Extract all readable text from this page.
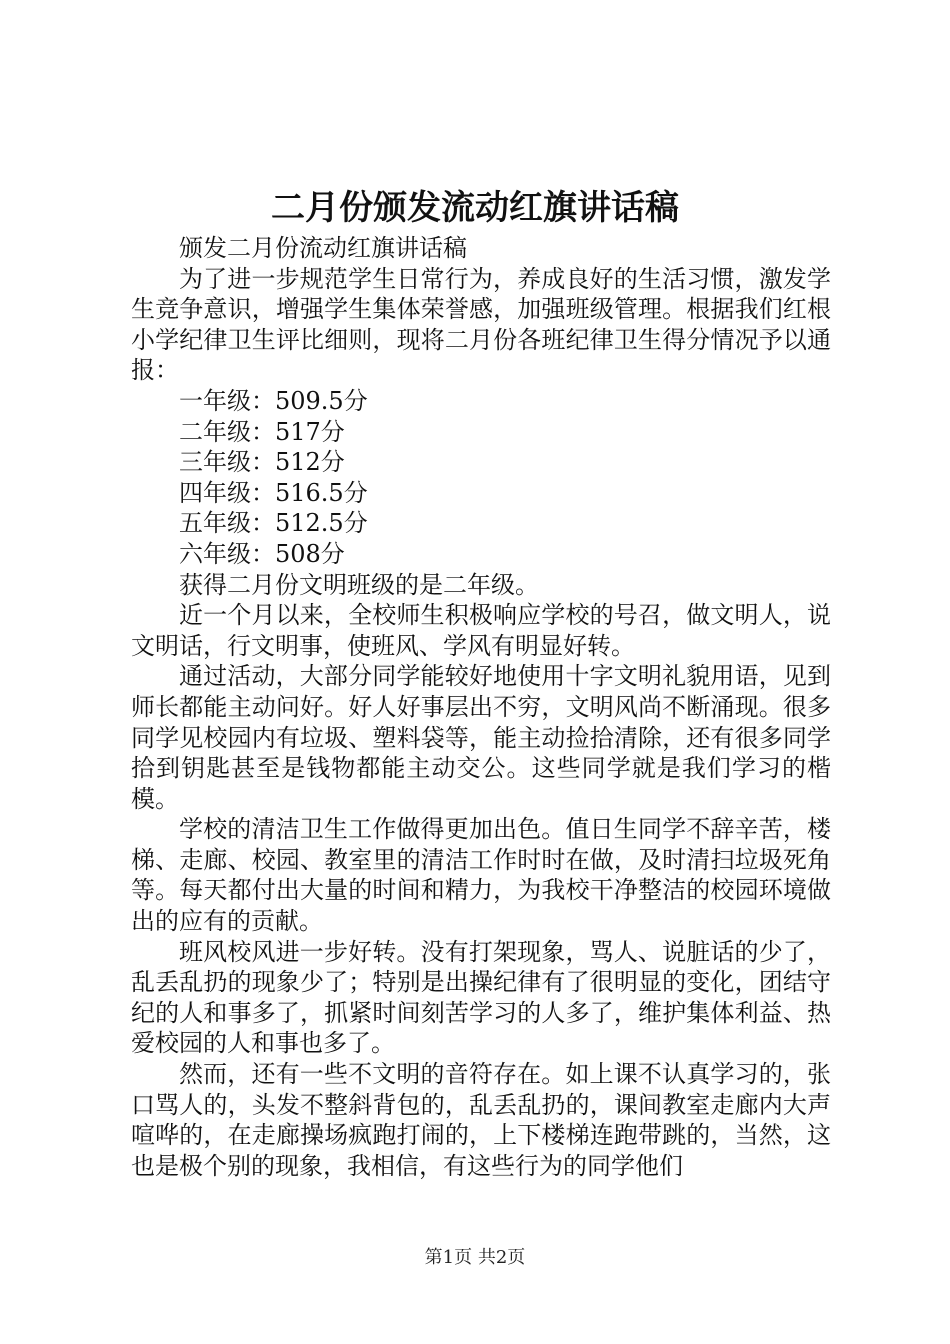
二月份颁发流动红旗讲话稿

颁发二月份流动红旗讲话稿

为了进一步规范学生日常行为，养成良好的生活习惯，激发学生竞争意识，增强学生集体荣誉感，加强班级管理。根据我们红根小学纪律卫生评比细则，现将二月份各班纪律卫生得分情况予以通报：

一年级：509.5分

二年级：517分

三年级：512分

四年级：516.5分

五年级：512.5分

六年级：508分

获得二月份文明班级的是二年级。

近一个月以来，全校师生积极响应学校的号召，做文明人，说文明话，行文明事，使班风、学风有明显好转。

通过活动，大部分同学能较好地使用十字文明礼貌用语，见到师长都能主动问好。好人好事层出不穷，文明风尚不断涌现。很多同学见校园内有垃圾、塑料袋等，能主动捡拾清除，还有很多同学拾到钥匙甚至是钱物都能主动交公。这些同学就是我们学习的楷模。

学校的清洁卫生工作做得更加出色。值日生同学不辞辛苦，楼梯、走廊、校园、教室里的清洁工作时时在做，及时清扫垃圾死角等。每天都付出大量的时间和精力，为我校干净整洁的校园环境做出的应有的贡献。

班风校风进一步好转。没有打架现象，骂人、说脏话的少了，乱丢乱扔的现象少了；特别是出操纪律有了很明显的变化，团结守纪的人和事多了，抓紧时间刻苦学习的人多了，维护集体利益、热爱校园的人和事也多了。

然而，还有一些不文明的音符存在。如上课不认真学习的，张口骂人的，头发不整斜背包的，乱丢乱扔的，课间教室走廊内大声喧哗的，在走廊操场疯跑打闹的，上下楼梯连跑带跳的，当然，这也是极个别的现象，我相信，有这些行为的同学他们

第1页 共2页
